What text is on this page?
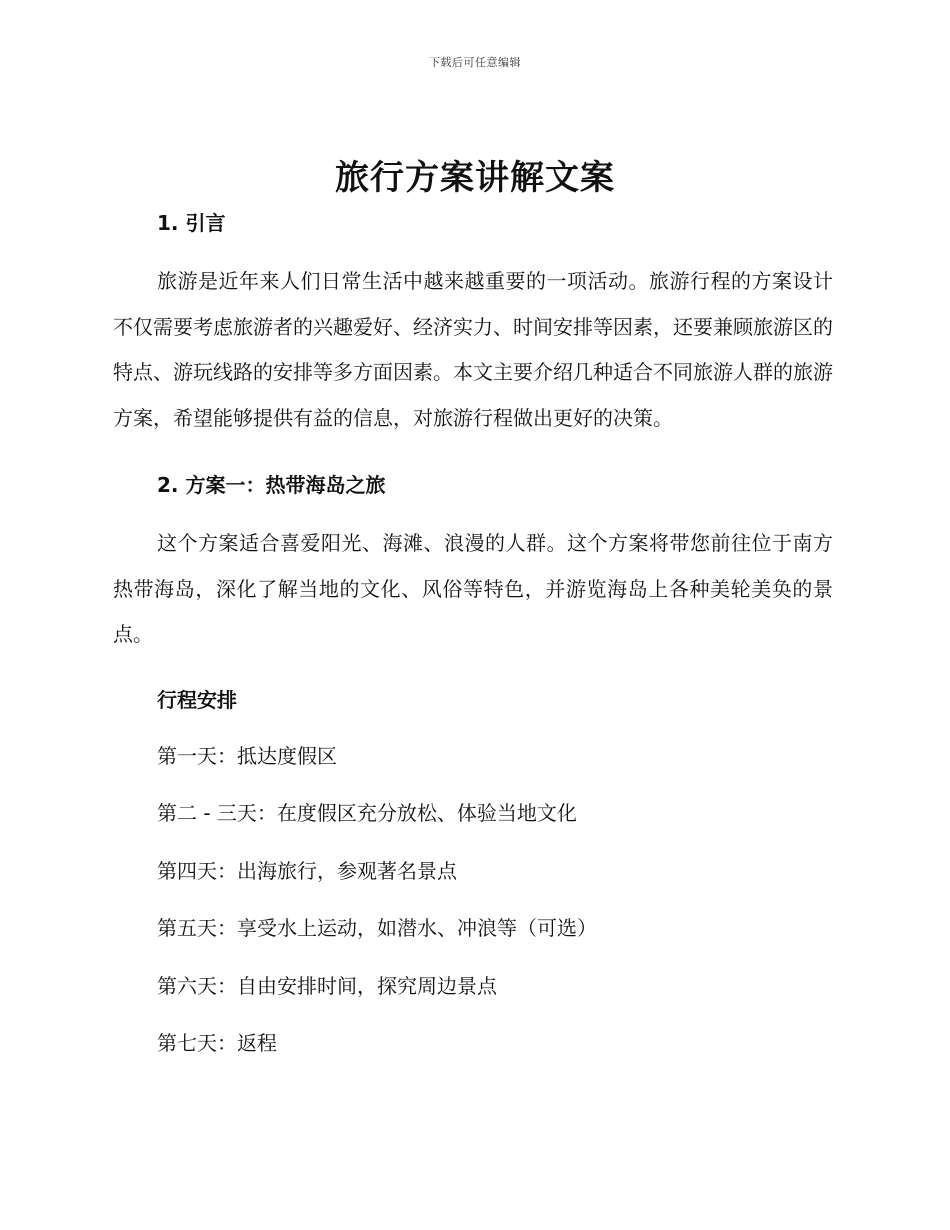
下载后可任意编辑
旅行方案讲解文案
1. 引言

旅游是近年来人们日常生活中越来越重要的一项活动。旅游行程的方案设计不仅需要考虑旅游者的兴趣爱好、经济实力、时间安排等因素，还要兼顾旅游区的特点、游玩线路的安排等多方面因素。本文主要介绍几种适合不同旅游人群的旅游方案，希望能够提供有益的信息，对旅游行程做出更好的决策。

2. 方案一：热带海岛之旅

这个方案适合喜爱阳光、海滩、浪漫的人群。这个方案将带您前往位于南方热带海岛，深化了解当地的文化、风俗等特色，并游览海岛上各种美轮美奂的景点。

行程安排
第一天：抵达度假区
第二 - 三天：在度假区充分放松、体验当地文化
第四天：出海旅行，参观著名景点
第五天：享受水上运动，如潜水、冲浪等（可选）
第六天：自由安排时间，探究周边景点
第七天：返程
